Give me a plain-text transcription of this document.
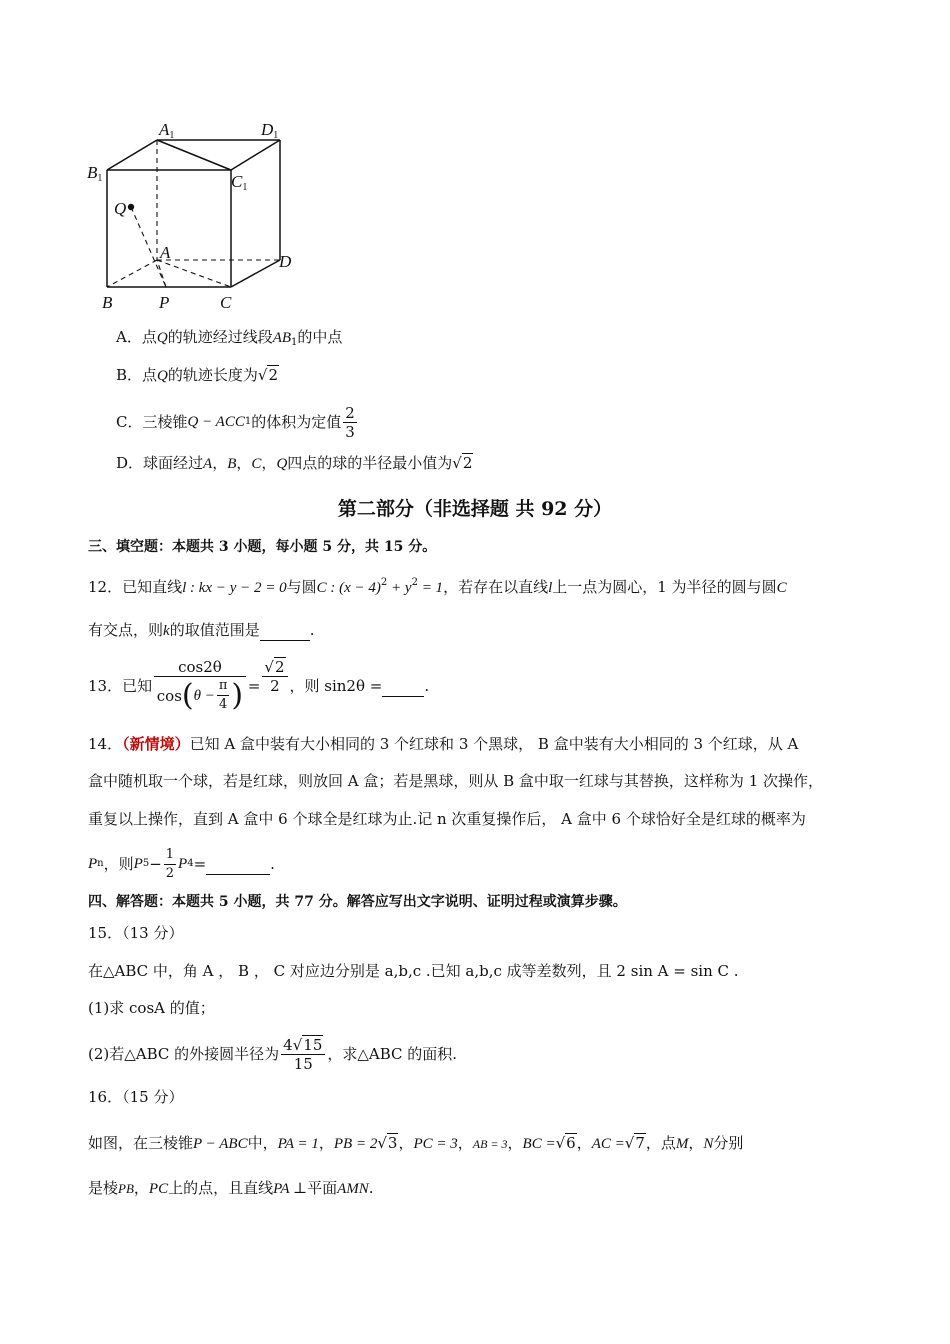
A1	D1
B1	C1
Q
A	D
B	P	C
A．点Q的轨迹经过线段$AB_1$的中点
B．点Q的轨迹长度为√2
C．三棱锥 Q − ACC 1 的体积为定值 $\frac{2}{3}$
D．球面经过A，B，C，Q四点的球的半径最小值为√2
第二部分（非选择题 共 92 分）
三、填空题：本题共 3 小题，每小题 5 分，共 15 分。
12．已知直线l : kx − y − 2 = 0与圆C : $(x - 4)^2 + y^2 = 1$，若存在以直线l上一点为圆心，1 为半径的圆与圆C
有交点，则k的取值范围是	.
13．已知 $\frac{\cos 2\theta}{\cos ( \theta - \frac{\pi}{4} )} = \frac{√2}{2}$ ，则 sin2θ =
	.
14．（新情境）已知 A 盒中装有大小相同的 3 个红球和 3 个黑球， B 盒中装有大小相同的 3 个红球，从 A
盒中随机取一个球，若是红球，则放回 A 盒；若是黑球，则从 B 盒中取一红球与其替换，这样称为 1 次操作，
重复以上操作，直到 A 盒中 6 个球全是红球为止.记 n 次重复操作后， A 盒中 6 个球恰好全是红球的概率为
P n ，则 P $5 - \frac{1}{2}$ P 4 =
	.
四、解答题：本题共 5 小题，共 77 分。解答应写出文字说明、证明过程或演算步骤。
15．（13 分）
在△ABC 中，角 A ， B ， C 对应边分别是 a,b,c .已知 a,b,c 成等差数列，且 2 sin A = sin C .
(1)求 cosA 的值；
(2)若△ABC 的外接圆半径为 $\frac{4√15}{15}$ ，求△ABC 的面积.
16．（15 分）
如图，在三棱锥P − ABC中，PA = 1，PB = 2√3，PC = 3，AB = 3，BC =√6，AC =√7，点M，N分别
是棱PB，PC上的点，且直线PA ⊥平面AMN.
